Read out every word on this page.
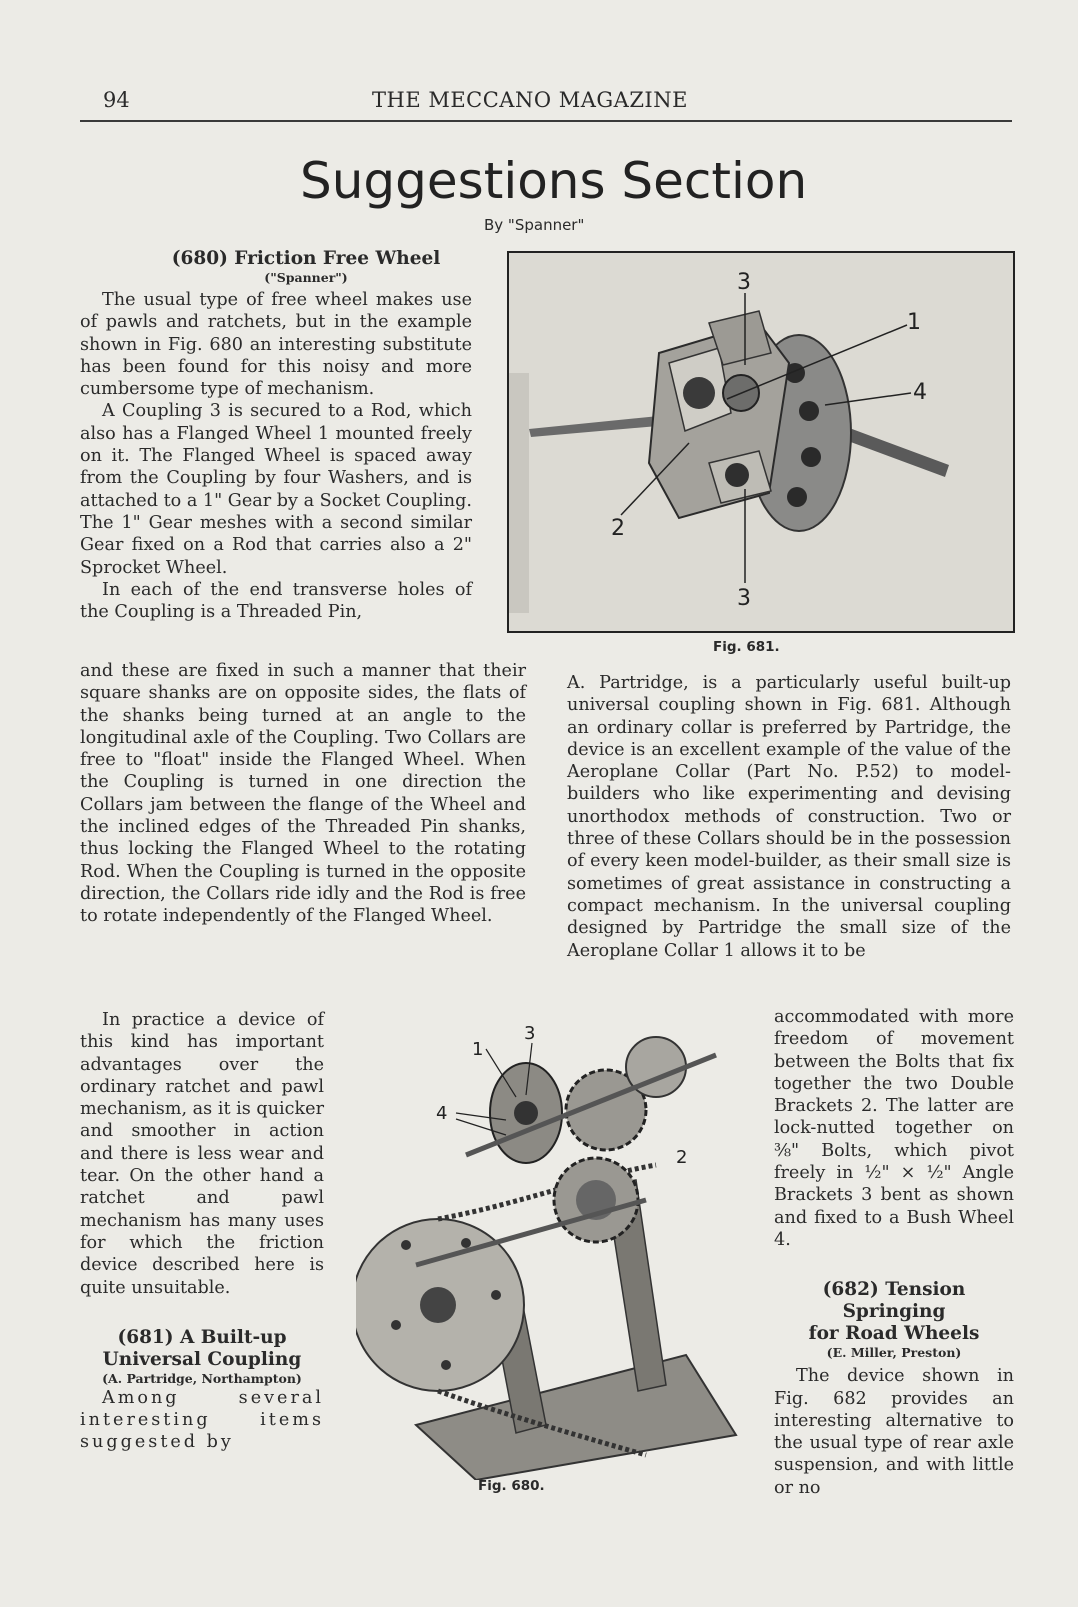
94	THE MECCANO MAGAZINE
Suggestions Section
By "Spanner"
(680) Friction Free Wheel
("Spanner")

The usual type of free wheel makes use of pawls and ratchets, but in the example shown in Fig. 680 an interesting substitute has been found for this noisy and more cumbersome type of mechanism.

A Coupling 3 is secured to a Rod, which also has a Flanged Wheel 1 mounted freely on it. The Flanged Wheel is spaced away from the Coupling by four Washers, and is attached to a 1" Gear by a Socket Coupling. The 1" Gear meshes with a second similar Gear fixed on a Rod that carries also a 2" Sprocket Wheel.

In each of the end transverse holes of the Coupling is a Threaded Pin,

and these are fixed in such a manner that their square shanks are on opposite sides, the flats of the shanks being turned at an angle to the longitudinal axle of the Coupling. Two Collars are free to "float" inside the Flanged Wheel. When the Coupling is turned in one direction the Collars jam between the flange of the Wheel and the inclined edges of the Threaded Pin shanks, thus locking the Flanged Wheel to the rotating Rod. When the Coupling is turned in the opposite direction, the Collars ride idly and the Rod is free to rotate independently of the Flanged Wheel.

In practice a device of this kind has important advantages over the ordinary ratchet and pawl mechanism, as it is quicker and smoother in action and there is less wear and tear. On the other hand a ratchet and pawl mechanism has many uses for which the friction device described here is quite unsuitable.

(681) A Built-up
Universal Coupling
(A. Partridge, Northampton)

Among several interesting items suggested by

3
1
4
2
3
Fig. 681.

A. Partridge, is a particularly useful built-up universal coupling shown in Fig. 681. Although an ordinary collar is preferred by Partridge, the device is an excellent example of the value of the Aeroplane Collar (Part No. P.52) to model-builders who like experimenting and devising unorthodox methods of construction. Two or three of these Collars should be in the possession of every keen model-builder, as their small size is sometimes of great assistance in constructing a compact mechanism. In the universal coupling designed by Partridge the small size of the Aeroplane Collar 1 allows it to be

accommodated with more freedom of movement between the Bolts that fix together the two Double Brackets 2. The latter are lock-nutted together on ⅜" Bolts, which pivot freely in ½" × ½" Angle Brackets 3 bent as shown and fixed to a Bush Wheel 4.

(682) Tension Springing
for Road Wheels
(E. Miller, Preston)

The device shown in Fig. 682 provides an interesting alternative to the usual type of rear axle suspension, and with little or no

1
3
4
2
Fig. 680.
